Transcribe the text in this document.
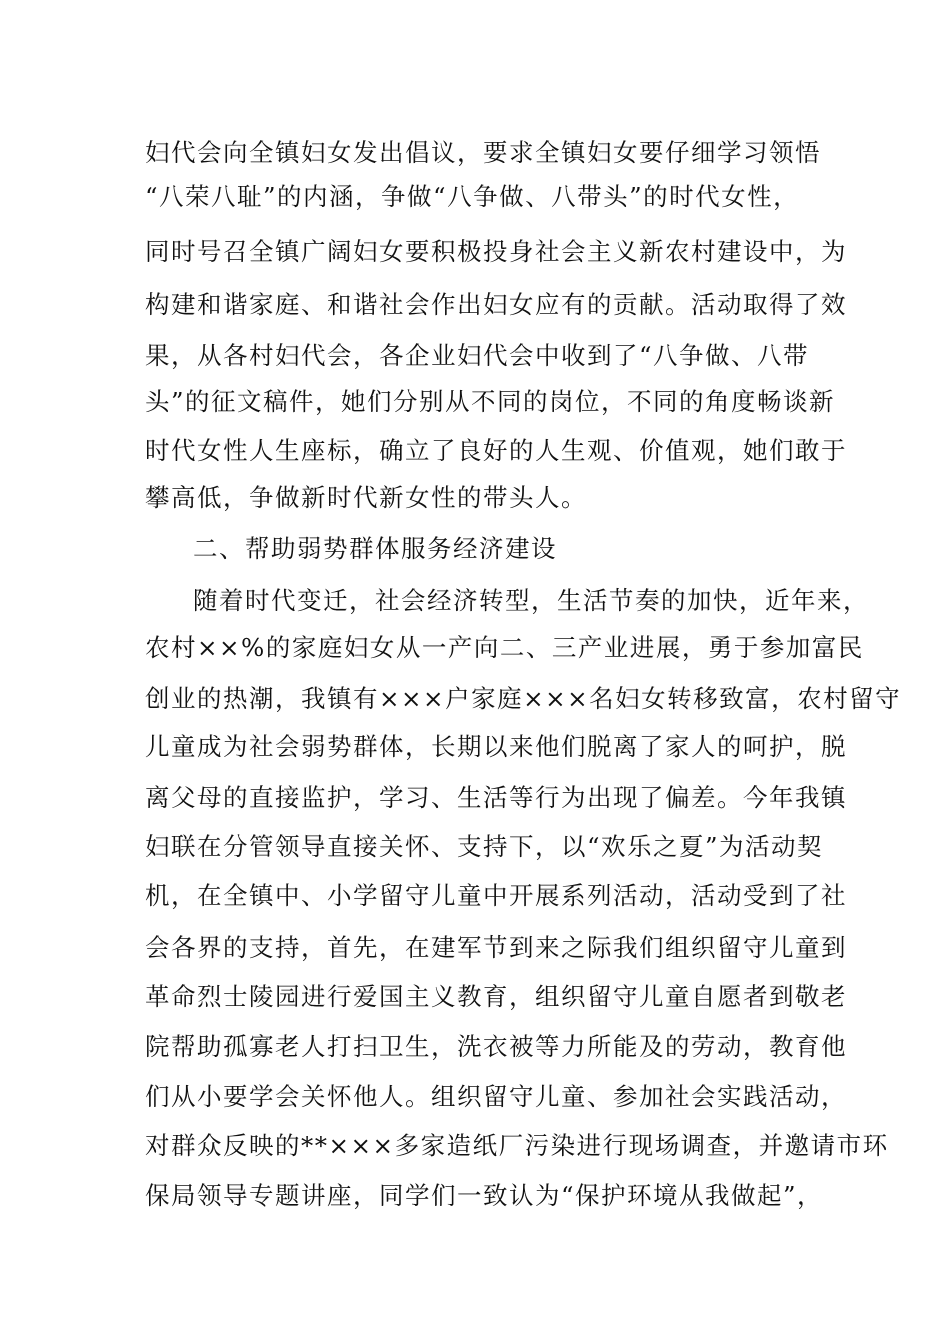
妇代会向全镇妇女发出倡议，要求全镇妇女要仔细学习领悟
“八荣八耻”的内涵，争做“八争做、八带头”的时代女性，
同时号召全镇广阔妇女要积极投身社会主义新农村建设中，为
构建和谐家庭、和谐社会作出妇女应有的贡献。活动取得了效
果，从各村妇代会，各企业妇代会中收到了“八争做、八带
头”的征文稿件，她们分别从不同的岗位，不同的角度畅谈新
时代女性人生座标，确立了良好的人生观、价值观，她们敢于
攀高低，争做新时代新女性的带头人。
二、帮助弱势群体服务经济建设
随着时代变迁，社会经济转型，生活节奏的加快，近年来，
农村××%的家庭妇女从一产向二、三产业进展，勇于参加富民
创业的热潮，我镇有×××户家庭×××名妇女转移致富，农村留守
儿童成为社会弱势群体，长期以来他们脱离了家人的呵护，脱
离父母的直接监护，学习、生活等行为出现了偏差。今年我镇
妇联在分管领导直接关怀、支持下，以“欢乐之夏”为活动契
机，在全镇中、小学留守儿童中开展系列活动，活动受到了社
会各界的支持，首先，在建军节到来之际我们组织留守儿童到
革命烈士陵园进行爱国主义教育，组织留守儿童自愿者到敬老
院帮助孤寡老人打扫卫生，洗衣被等力所能及的劳动，教育他
们从小要学会关怀他人。组织留守儿童、参加社会实践活动，
对群众反映的**×××多家造纸厂污染进行现场调查，并邀请市环
保局领导专题讲座，同学们一致认为“保护环境从我做起”，
